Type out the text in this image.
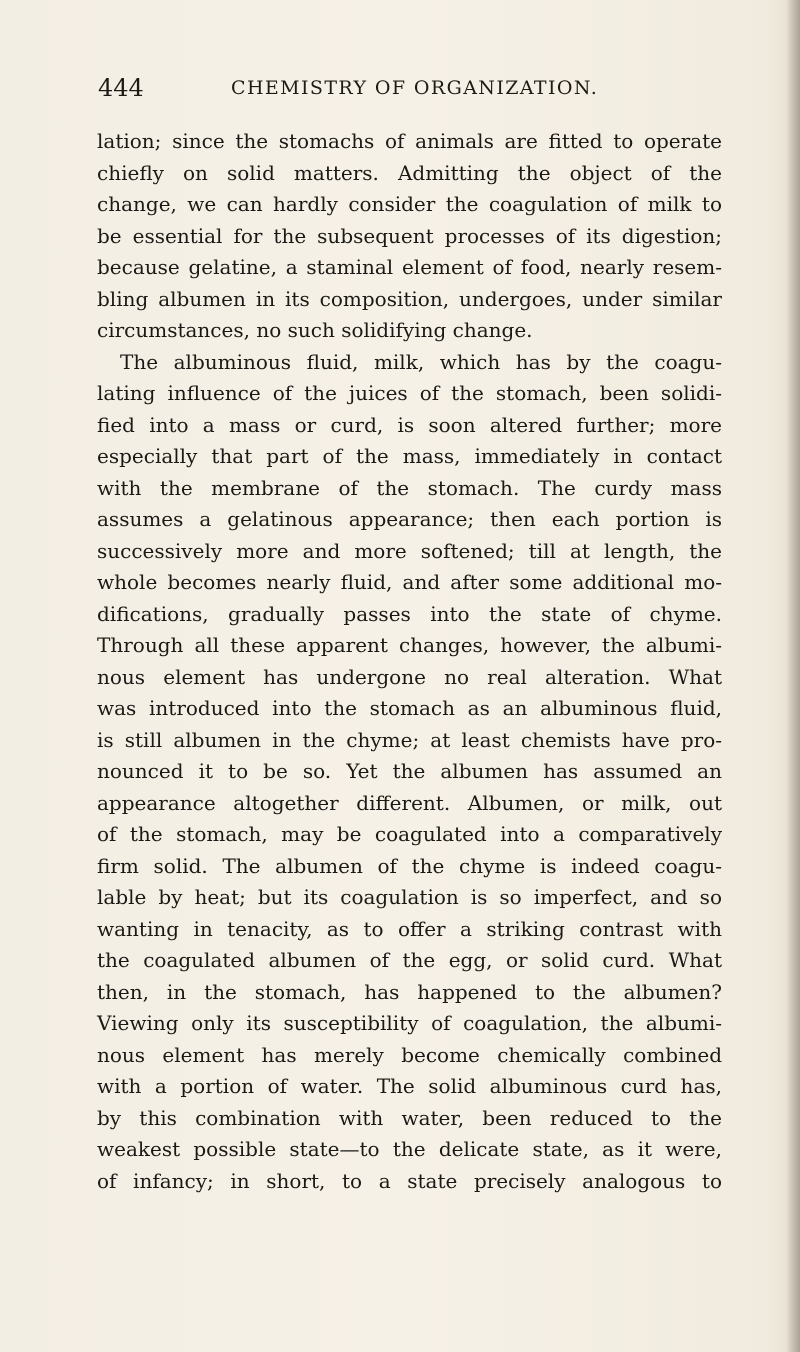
444	CHEMISTRY OF ORGANIZATION.
lation; since the stomachs of animals are fitted to operate
chiefly on solid matters. Admitting the object of the
change, we can hardly consider the coagulation of milk to
be essential for the subsequent processes of its digestion;
because gelatine, a staminal element of food, nearly resem-
bling albumen in its composition, undergoes, under similar
circumstances, no such solidifying change.
The albuminous fluid, milk, which has by the coagu-
lating influence of the juices of the stomach, been solidi-
fied into a mass or curd, is soon altered further; more
especially that part of the mass, immediately in contact
with the membrane of the stomach. The curdy mass
assumes a gelatinous appearance; then each portion is
successively more and more softened; till at length, the
whole becomes nearly fluid, and after some additional mo-
difications, gradually passes into the state of chyme.
Through all these apparent changes, however, the albumi-
nous element has undergone no real alteration. What
was introduced into the stomach as an albuminous fluid,
is still albumen in the chyme; at least chemists have pro-
nounced it to be so. Yet the albumen has assumed an
appearance altogether different. Albumen, or milk, out
of the stomach, may be coagulated into a comparatively
firm solid. The albumen of the chyme is indeed coagu-
lable by heat; but its coagulation is so imperfect, and so
wanting in tenacity, as to offer a striking contrast with
the coagulated albumen of the egg, or solid curd. What
then, in the stomach, has happened to the albumen?
Viewing only its susceptibility of coagulation, the albumi-
nous element has merely become chemically combined
with a portion of water. The solid albuminous curd has,
by this combination with water, been reduced to the
weakest possible state—to the delicate state, as it were,
of infancy; in short, to a state precisely analogous to
